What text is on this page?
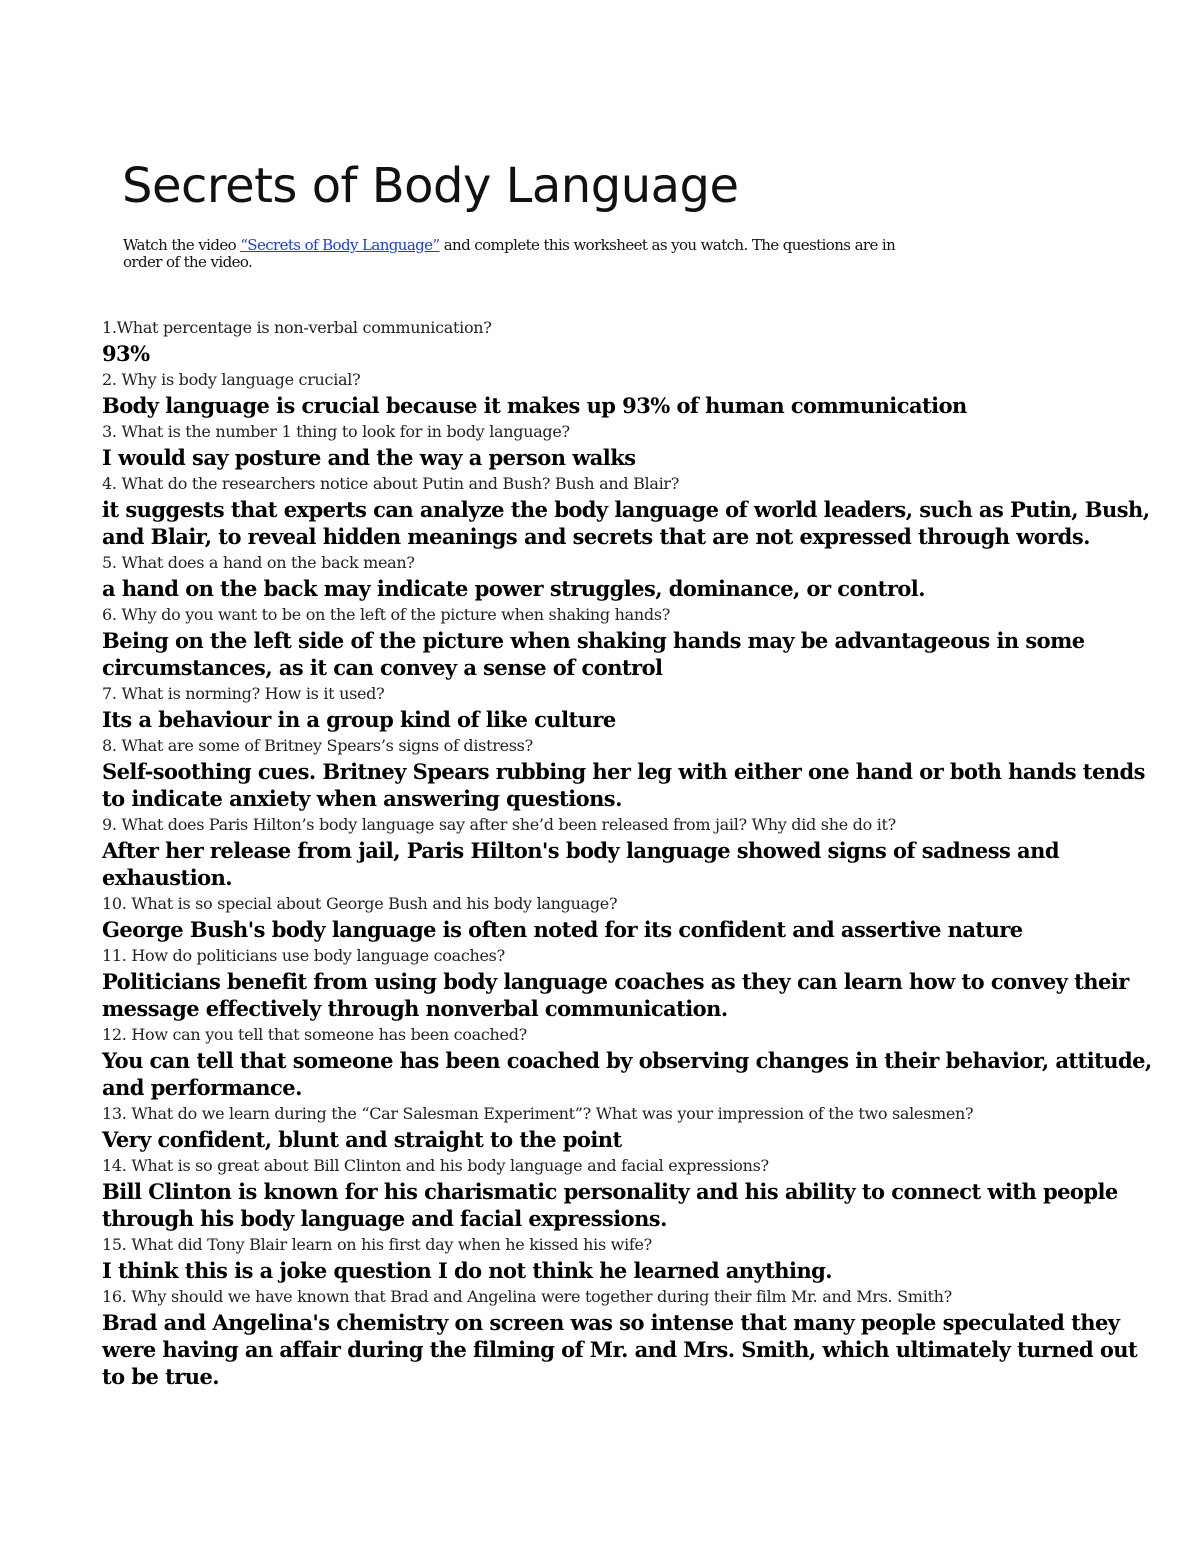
Secrets of Body Language
Watch the video “Secrets of Body Language” and complete this worksheet as you watch. The questions are in order of the video.
1.What percentage is non-verbal communication?
93%
2. Why is body language crucial?
Body language is crucial because it makes up 93% of human communication
3. What is the number 1 thing to look for in body language?
I would say posture and the way a person walks
4. What do the researchers notice about Putin and Bush? Bush and Blair?
it suggests that experts can analyze the body language of world leaders, such as Putin, Bush, and Blair, to reveal hidden meanings and secrets that are not expressed through words.
5. What does a hand on the back mean?
a hand on the back may indicate power struggles, dominance, or control.
6. Why do you want to be on the left of the picture when shaking hands?
Being on the left side of the picture when shaking hands may be advantageous in some circumstances, as it can convey a sense of control
7. What is norming? How is it used?
Its a behaviour in a group kind of like culture
8. What are some of Britney Spears’s signs of distress?
Self-soothing cues. Britney Spears rubbing her leg with either one hand or both hands tends to indicate anxiety when answering questions.
9. What does Paris Hilton’s body language say after she’d been released from jail? Why did she do it?
After her release from jail, Paris Hilton's body language showed signs of sadness and exhaustion.
10. What is so special about George Bush and his body language?
George Bush's body language is often noted for its confident and assertive nature
11. How do politicians use body language coaches?
Politicians benefit from using body language coaches as they can learn how to convey their message effectively through nonverbal communication.
12. How can you tell that someone has been coached?
You can tell that someone has been coached by observing changes in their behavior, attitude, and performance.
13. What do we learn during the “Car Salesman Experiment”? What was your impression of the two salesmen?
Very confident, blunt and straight to the point
14. What is so great about Bill Clinton and his body language and facial expressions?
Bill Clinton is known for his charismatic personality and his ability to connect with people through his body language and facial expressions.
15. What did Tony Blair learn on his first day when he kissed his wife?
I think this is a joke question I do not think he learned anything.
16. Why should we have known that Brad and Angelina were together during their film Mr. and Mrs. Smith?
Brad and Angelina's chemistry on screen was so intense that many people speculated they were having an affair during the filming of Mr. and Mrs. Smith, which ultimately turned out to be true.
